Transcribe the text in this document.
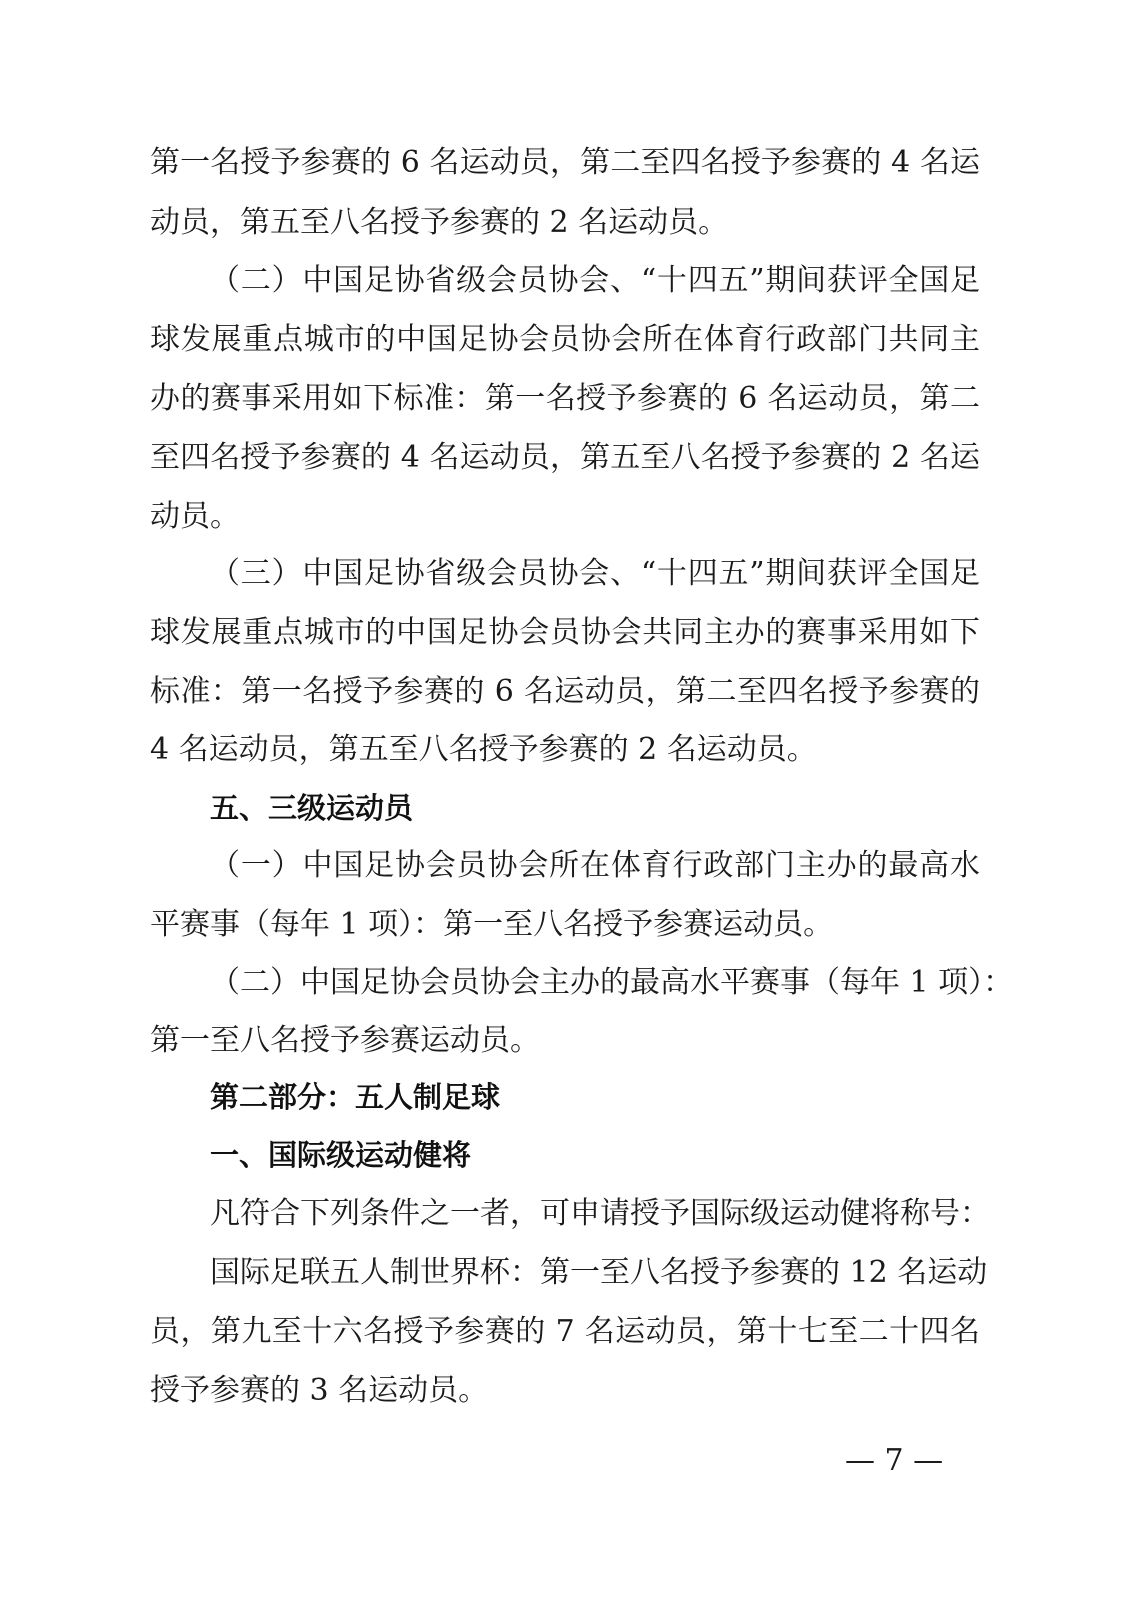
第一名授予参赛的 6 名运动员，第二至四名授予参赛的 4 名运
动员，第五至八名授予参赛的 2 名运动员。
（二）中国足协省级会员协会、“十四五”期间获评全国足
球发展重点城市的中国足协会员协会所在体育行政部门共同主
办的赛事采用如下标准：第一名授予参赛的 6 名运动员，第二
至四名授予参赛的 4 名运动员，第五至八名授予参赛的 2 名运
动员。
（三）中国足协省级会员协会、“十四五”期间获评全国足
球发展重点城市的中国足协会员协会共同主办的赛事采用如下
标准：第一名授予参赛的 6 名运动员，第二至四名授予参赛的
4 名运动员，第五至八名授予参赛的 2 名运动员。
五、三级运动员
（一）中国足协会员协会所在体育行政部门主办的最高水
平赛事（每年 1 项）：第一至八名授予参赛运动员。
（二）中国足协会员协会主办的最高水平赛事（每年 1 项）：
第一至八名授予参赛运动员。
第二部分：五人制足球
一、国际级运动健将
凡符合下列条件之一者，可申请授予国际级运动健将称号：
国际足联五人制世界杯：第一至八名授予参赛的 12 名运动
员，第九至十六名授予参赛的 7 名运动员，第十七至二十四名
授予参赛的 3 名运动员。
— 7 —
